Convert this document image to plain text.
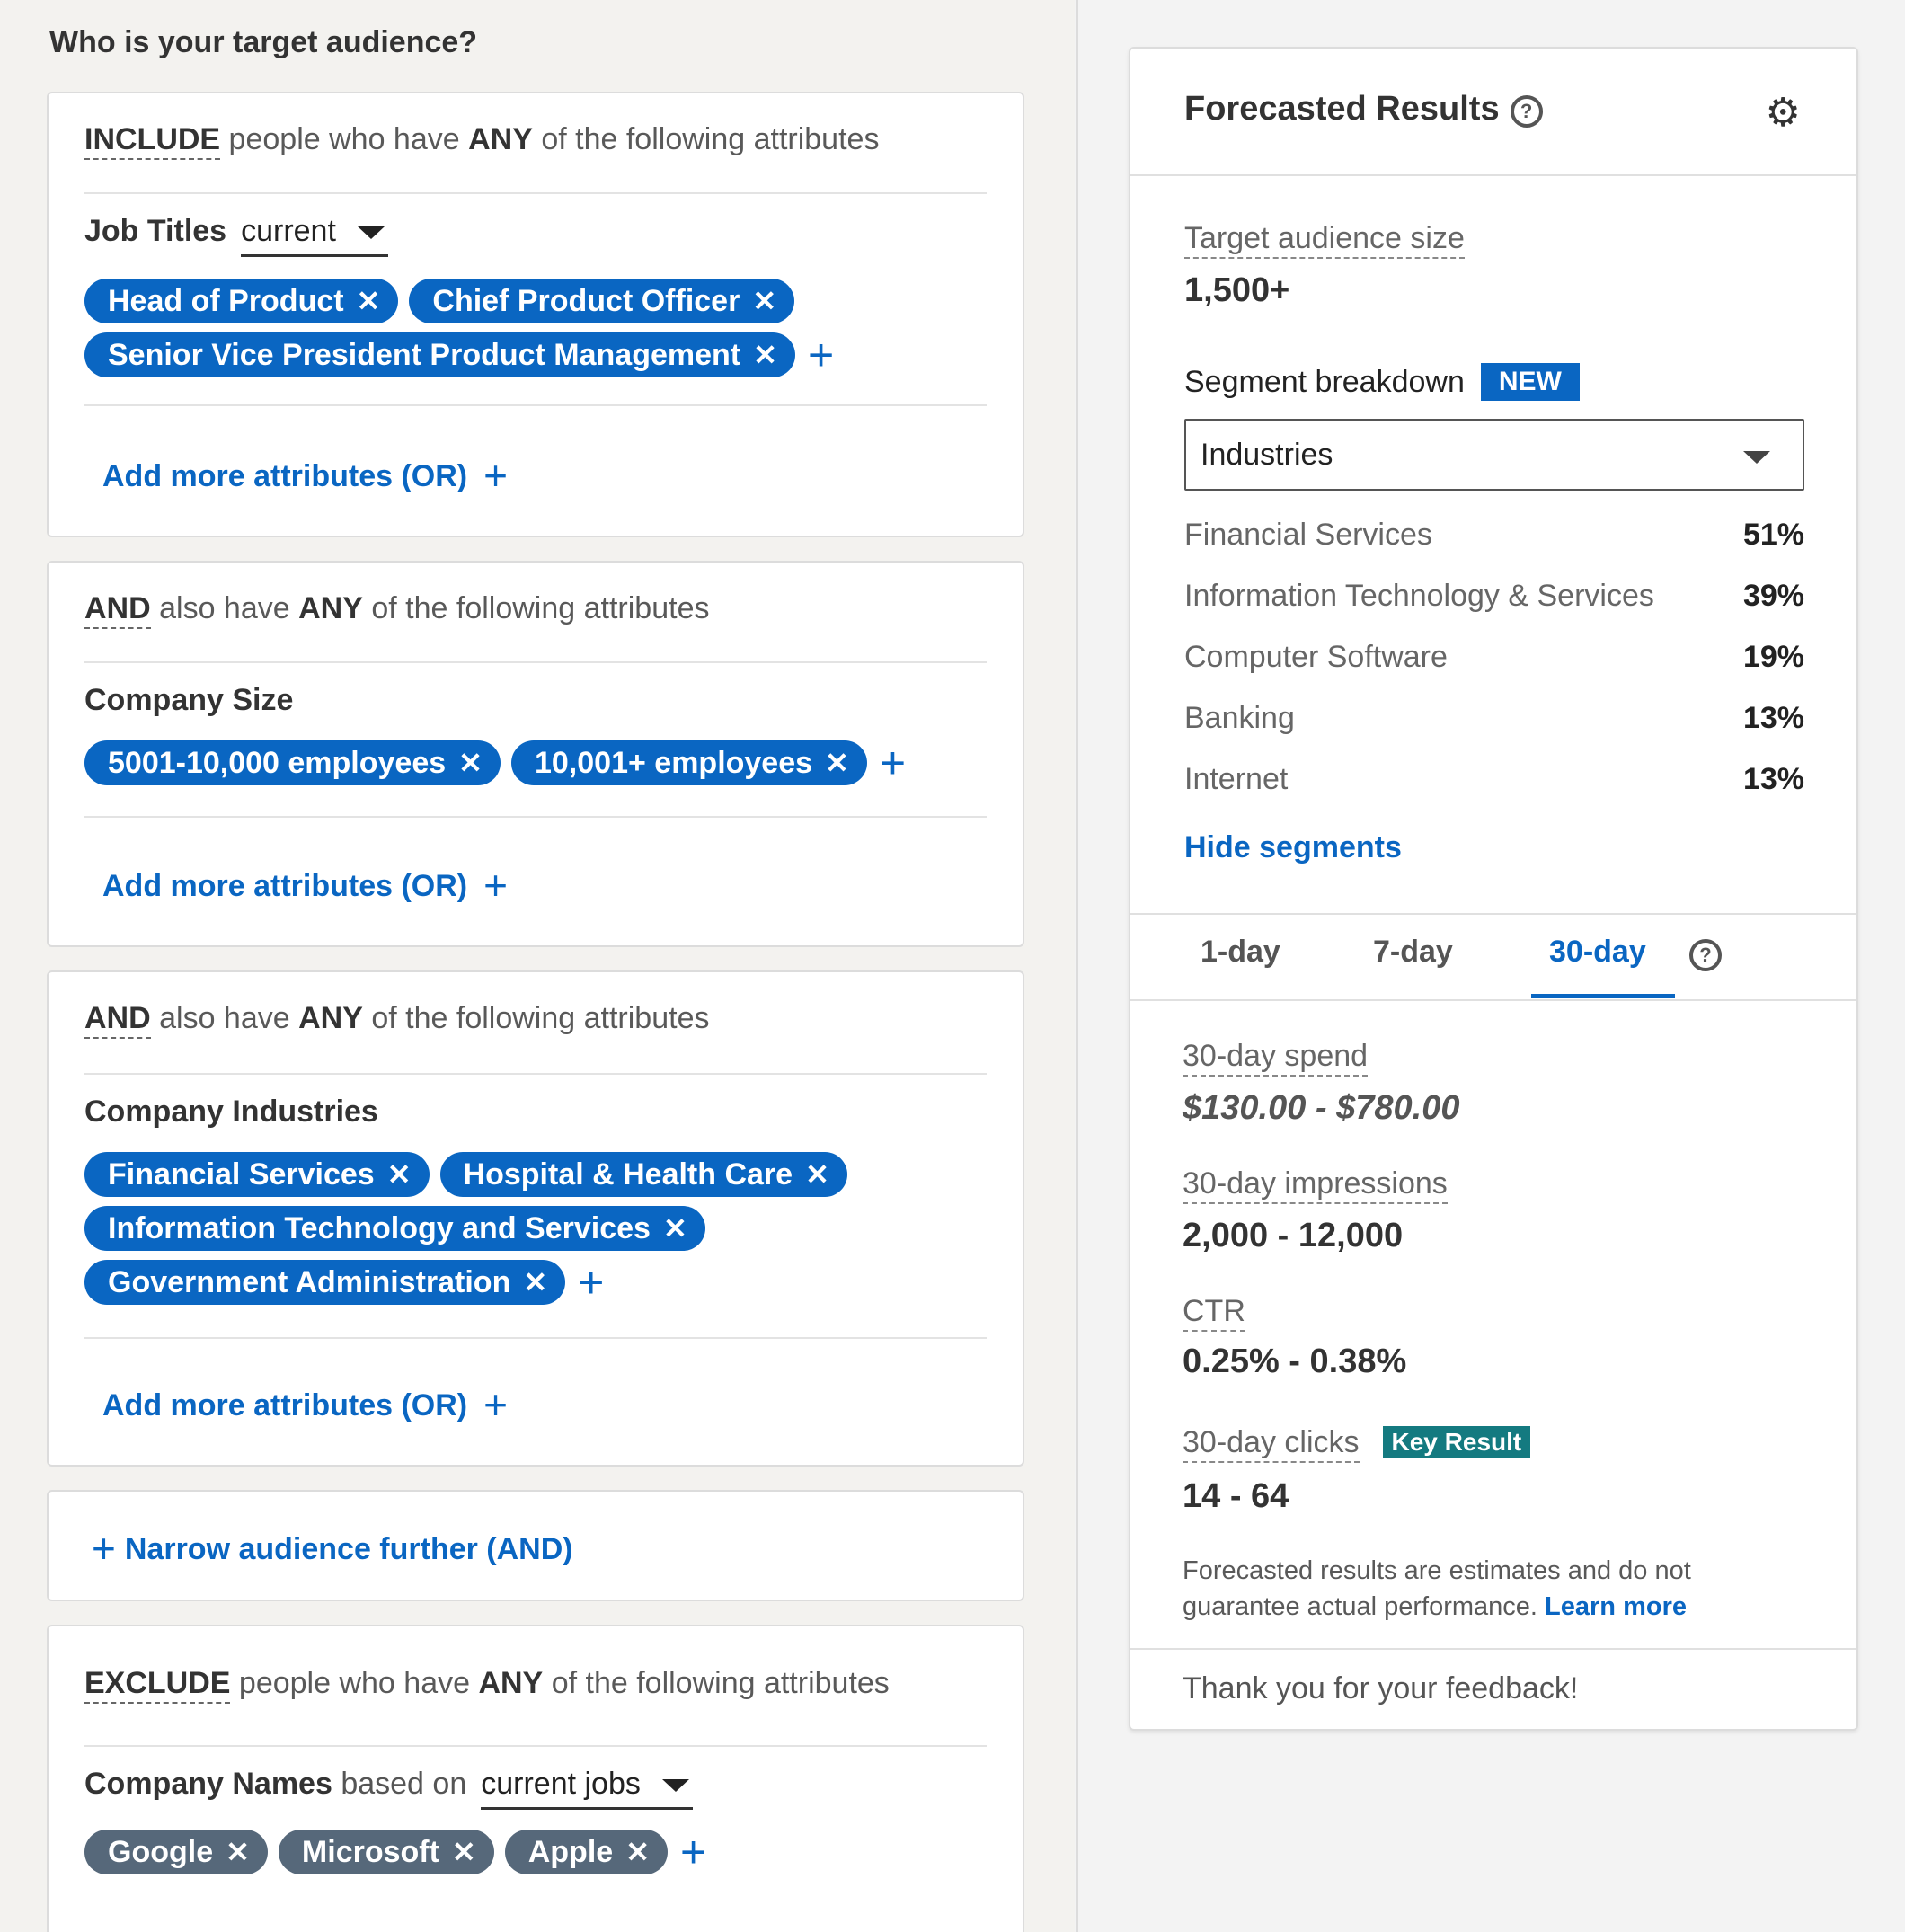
Who is your target audience?
INCLUDE people who have ANY of the following attributes
Job Titles current
Head of Product ✕ Chief Product Officer ✕
Senior Vice President Product Management ✕ +
Add more attributes (OR) +
AND also have ANY of the following attributes
Company Size
5001-10,000 employees ✕ 10,001+ employees ✕ +
Add more attributes (OR) +
AND also have ANY of the following attributes
Company Industries
Financial Services ✕ Hospital & Health Care ✕
Information Technology and Services ✕
Government Administration ✕ +
Add more attributes (OR) +
+ Narrow audience further (AND)
EXCLUDE people who have ANY of the following attributes
Company Names based on current jobs
Google ✕ Microsoft ✕ Apple ✕ +
Forecasted Results ?	⚙
Target audience size
1,500+
Segment breakdown NEW
Industries
Financial Services	51%
Information Technology & Services	39%
Computer Software	19%
Banking	13%
Internet	13%
Hide segments
1-day	7-day	30-day	?
30-day spend
$130.00 - $780.00
30-day impressions
2,000 - 12,000
CTR
0.25% - 0.38%
30-day clicks Key Result
14 - 64
Forecasted results are estimates and do not guarantee actual performance. Learn more
Thank you for your feedback!
